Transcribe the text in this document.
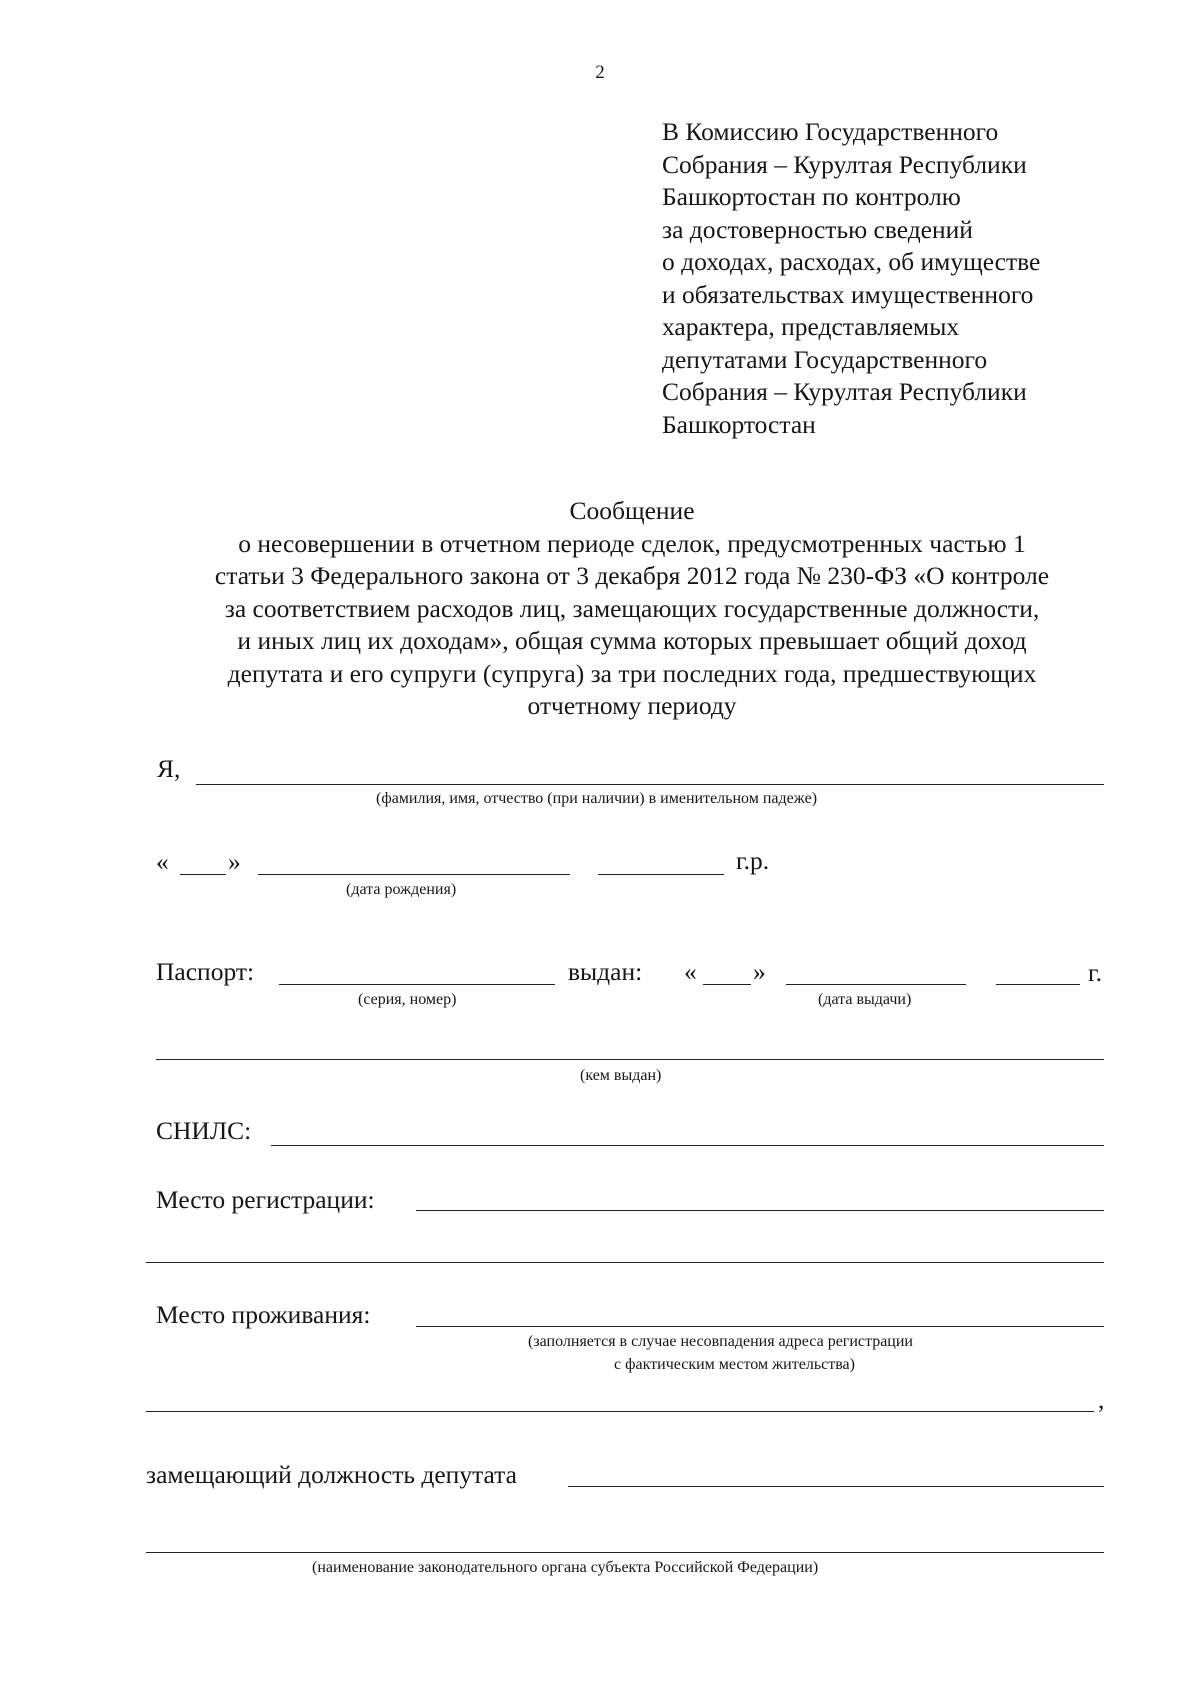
2
В Комиссию Государственного
Собрания – Курултая Республики
Башкортостан по контролю
за достоверностью сведений
о доходах, расходах, об имуществе
и обязательствах имущественного
характера, представляемых
депутатами Государственного
Собрания – Курултая Республики
Башкортостан
Сообщение
о несовершении в отчетном периоде сделок, предусмотренных частью 1
статьи 3 Федерального закона от 3 декабря 2012 года № 230-ФЗ «О контроле
за соответствием расходов лиц, замещающих государственные должности,
и иных лиц их доходам», общая сумма которых превышает общий доход
депутата и его супруги (супруга) за три последних года, предшествующих
отчетному периоду
Я,
(фамилия, имя, отчество (при наличии) в именительном падеже)
« »	г.р.
(дата рождения)
Паспорт:	выдан: « »	г.
(серия, номер)	(дата выдачи)
(кем выдан)
СНИЛС:
Место регистрации:
Место проживания:
(заполняется в случае несовпадения адреса регистрации
с фактическим местом жительства)
,
замещающий должность депутата
(наименование законодательного органа субъекта Российской Федерации)
